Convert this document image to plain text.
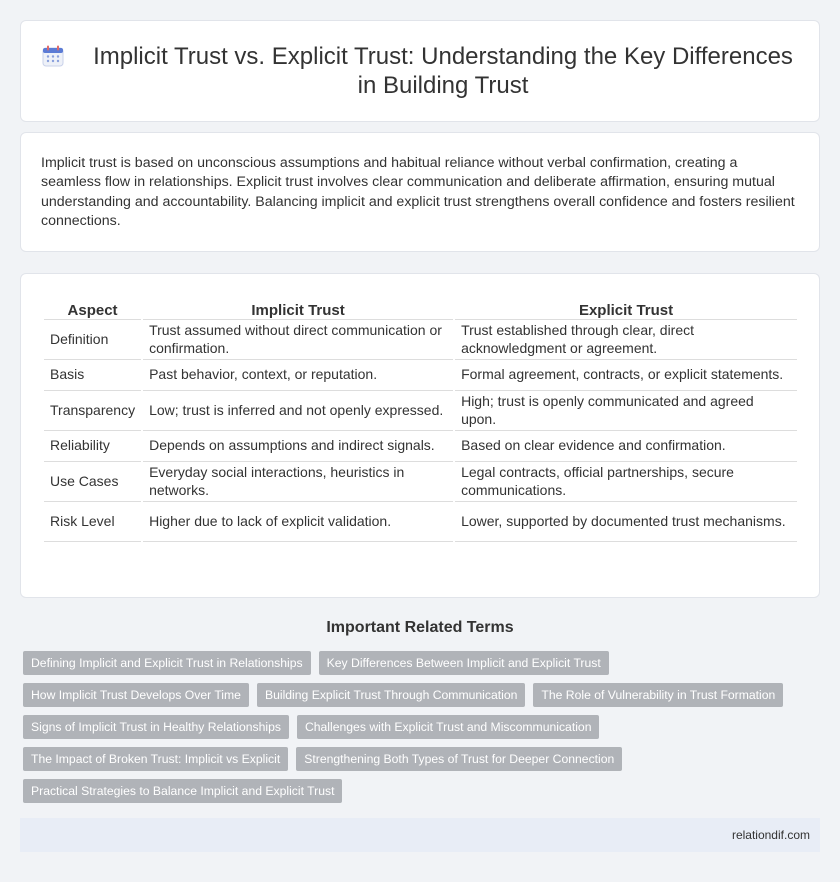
Implicit Trust vs. Explicit Trust: Understanding the Key Differences in Building Trust

Implicit trust is based on unconscious assumptions and habitual reliance without verbal confirmation, creating a seamless flow in relationships. Explicit trust involves clear communication and deliberate affirmation, ensuring mutual understanding and accountability. Balancing implicit and explicit trust strengthens overall confidence and fosters resilient connections.

Aspect	Implicit Trust	Explicit Trust
Definition	Trust assumed without direct communication or confirmation.	Trust established through clear, direct acknowledgment or agreement.
Basis	Past behavior, context, or reputation.	Formal agreement, contracts, or explicit statements.
Transparency	Low; trust is inferred and not openly expressed.	High; trust is openly communicated and agreed upon.
Reliability	Depends on assumptions and indirect signals.	Based on clear evidence and confirmation.
Use Cases	Everyday social interactions, heuristics in networks.	Legal contracts, official partnerships, secure communications.
Risk Level	Higher due to lack of explicit validation.	Lower, supported by documented trust mechanisms.
Important Related Terms
Defining Implicit and Explicit Trust in Relationships	Key Differences Between Implicit and Explicit Trust
How Implicit Trust Develops Over Time	Building Explicit Trust Through Communication	The Role of Vulnerability in Trust Formation
Signs of Implicit Trust in Healthy Relationships	Challenges with Explicit Trust and Miscommunication
The Impact of Broken Trust: Implicit vs Explicit	Strengthening Both Types of Trust for Deeper Connection
Practical Strategies to Balance Implicit and Explicit Trust
relationdif.com
